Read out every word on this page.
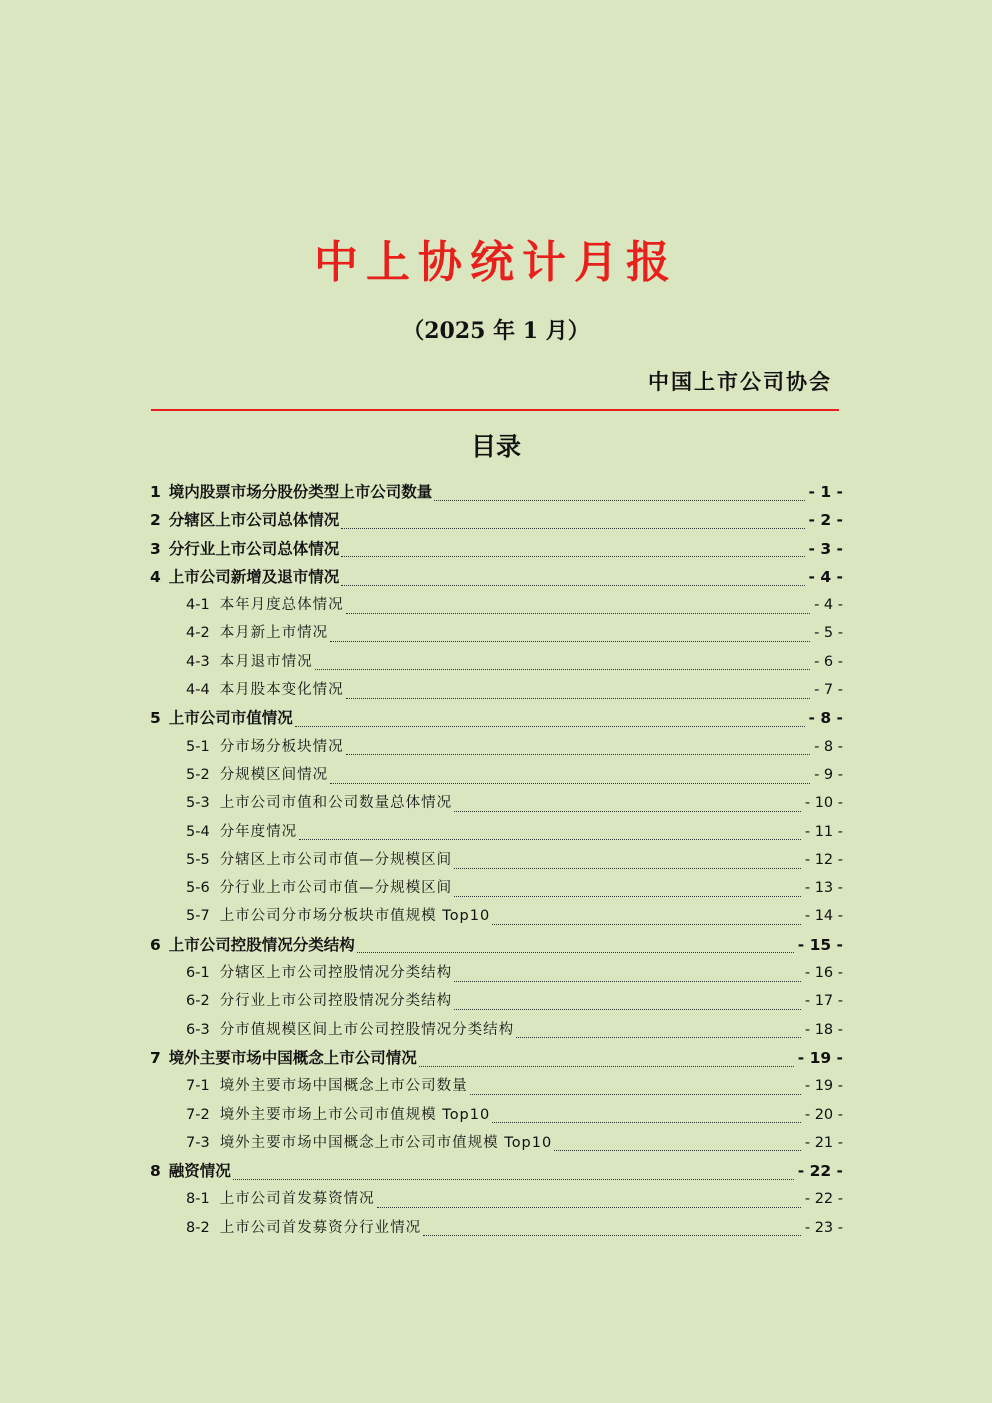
中上协统计月报
（2025 年 1 月）
中国上市公司协会
目录
1 境内股票市场分股份类型上市公司数量	- 1 -
2 分辖区上市公司总体情况	- 2 -
3 分行业上市公司总体情况	- 3 -
4 上市公司新增及退市情况	- 4 -
4-1 本年月度总体情况	- 4 -
4-2 本月新上市情况	- 5 -
4-3 本月退市情况	- 6 -
4-4 本月股本变化情况	- 7 -
5 上市公司市值情况	- 8 -
5-1 分市场分板块情况	- 8 -
5-2 分规模区间情况	- 9 -
5-3 上市公司市值和公司数量总体情况	- 10 -
5-4 分年度情况	- 11 -
5-5 分辖区上市公司市值—分规模区间	- 12 -
5-6 分行业上市公司市值—分规模区间	- 13 -
5-7 上市公司分市场分板块市值规模 Top10	- 14 -
6 上市公司控股情况分类结构	- 15 -
6-1 分辖区上市公司控股情况分类结构	- 16 -
6-2 分行业上市公司控股情况分类结构	- 17 -
6-3 分市值规模区间上市公司控股情况分类结构	- 18 -
7 境外主要市场中国概念上市公司情况	- 19 -
7-1 境外主要市场中国概念上市公司数量	- 19 -
7-2 境外主要市场上市公司市值规模 Top10	- 20 -
7-3 境外主要市场中国概念上市公司市值规模 Top10	- 21 -
8 融资情况	- 22 -
8-1 上市公司首发募资情况	- 22 -
8-2 上市公司首发募资分行业情况	- 23 -
